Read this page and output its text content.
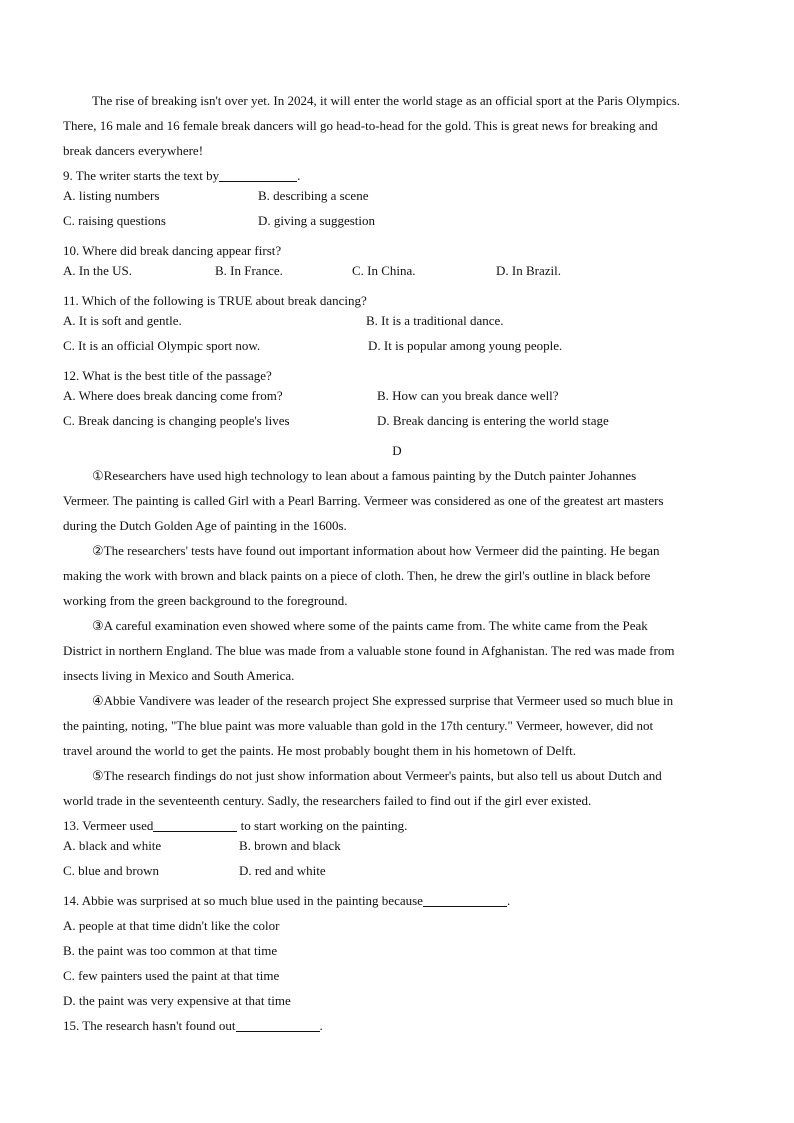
The rise of breaking isn't over yet. In 2024, it will enter the world stage as an official sport at the Paris Olympics.
There, 16 male and 16 female break dancers will go head-to-head for the gold. This is great news for breaking and
break dancers everywhere!
9. The writer starts the text by	.
A. listing numbers	B. describing a scene
C. raising questions	D. giving a suggestion
10. Where did break dancing appear first?
A. In the US.	B. In France.	C. In China.	D. In Brazil.
11. Which of the following is TRUE about break dancing?
A. It is soft and gentle.	B. It is a traditional dance.
C. It is an official Olympic sport now.	D. It is popular among young people.
12. What is the best title of the passage?
A. Where does break dancing come from?	B. How can you break dance well?
C. Break dancing is changing people's lives	D. Break dancing is entering the world stage
D
①Researchers have used high technology to lean about a famous painting by the Dutch painter Johannes
Vermeer. The painting is called Girl with a Pearl Barring. Vermeer was considered as one of the greatest art masters
during the Dutch Golden Age of painting in the 1600s.
②The researchers' tests have found out important information about how Vermeer did the painting. He began
making the work with brown and black paints on a piece of cloth. Then, he drew the girl's outline in black before
working from the green background to the foreground.
③A careful examination even showed where some of the paints came from. The white came from the Peak
District in northern England. The blue was made from a valuable stone found in Afghanistan. The red was made from
insects living in Mexico and South America.
④Abbie Vandivere was leader of the research project She expressed surprise that Vermeer used so much blue in
the painting, noting, "The blue paint was more valuable than gold in the 17th century." Vermeer, however, did not
travel around the world to get the paints. He most probably bought them in his hometown of Delft.
⑤The research findings do not just show information about Vermeer's paints, but also tell us about Dutch and
world trade in the seventeenth century. Sadly, the researchers failed to find out if the girl ever existed.
13. Vermeer used	to start working on the painting.
A. black and white	B. brown and black
C. blue and brown	D. red and white
14. Abbie was surprised at so much blue used in the painting because	.
A. people at that time didn't like the color
B. the paint was too common at that time
C. few painters used the paint at that time
D. the paint was very expensive at that time
15. The research hasn't found out	.
